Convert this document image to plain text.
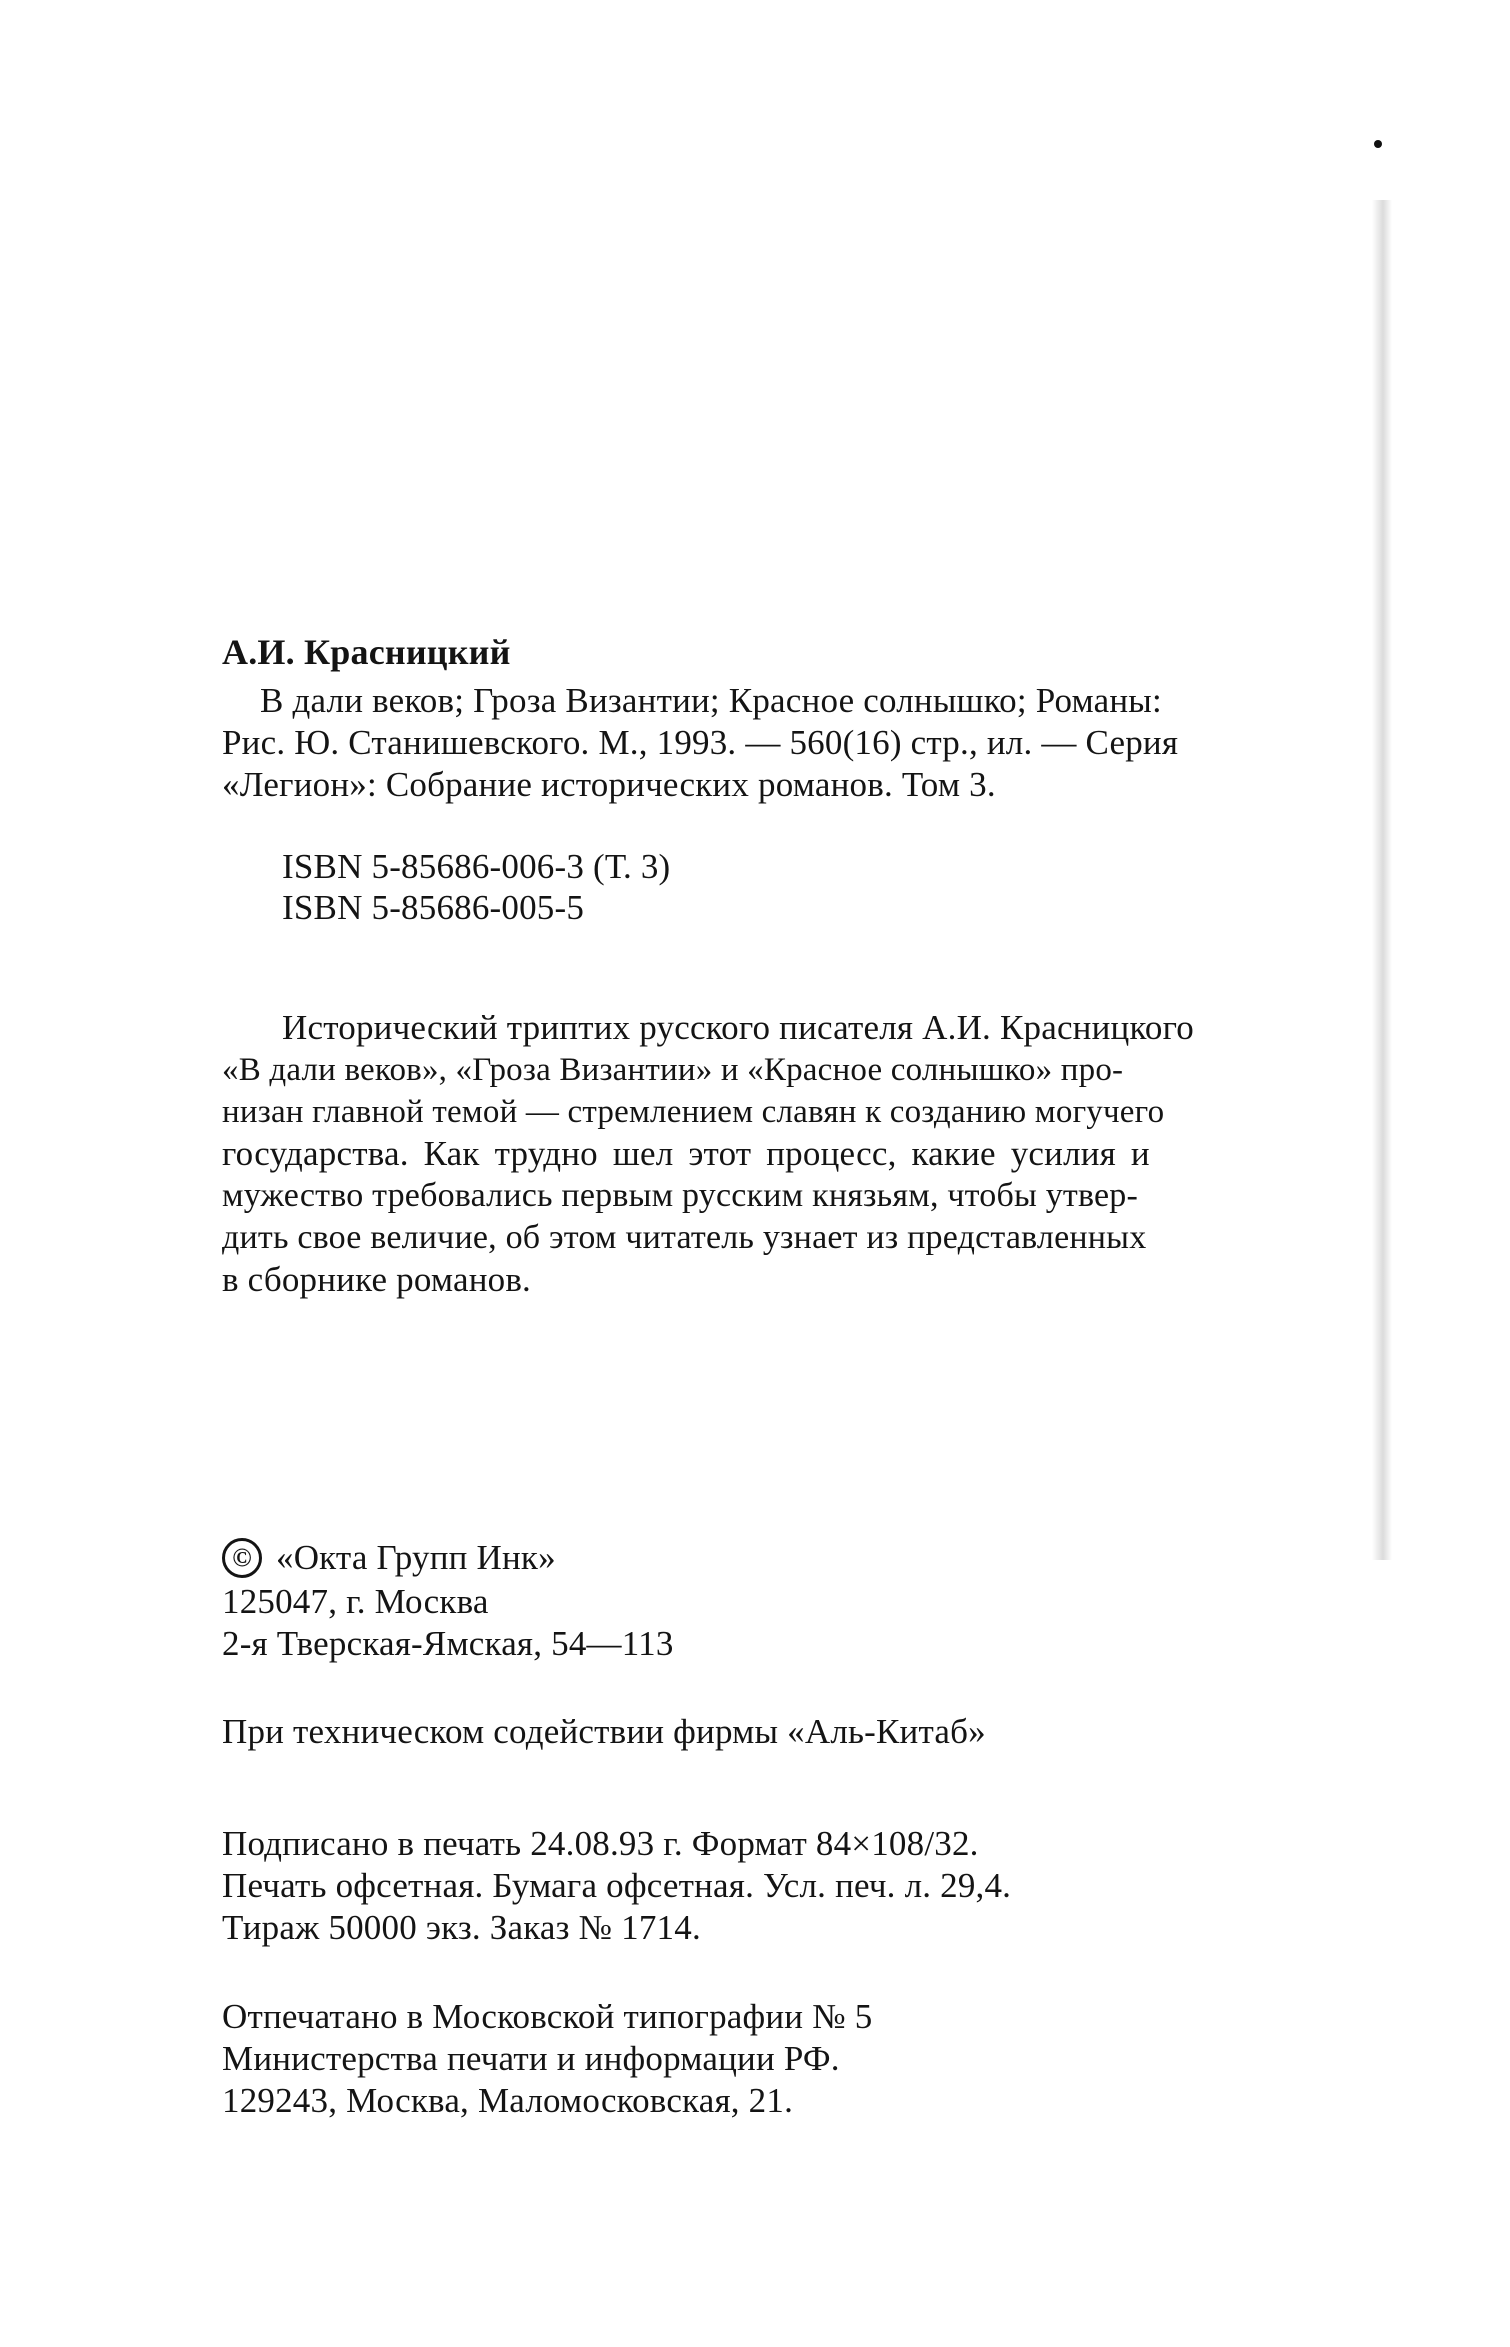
А.И. Красницкий
В дали веков; Гроза Византии; Красное солнышко; Романы:
Рис. Ю. Станишевского. М., 1993. — 560(16) стр., ил. — Серия
«Легион»: Собрание исторических романов. Том 3.
ISBN 5-85686-006-3 (Т. 3)
ISBN 5-85686-005-5
Исторический триптих русского писателя А.И. Красницкого
«В дали веков», «Гроза Византии» и «Красное солнышко» про-
низан главной темой — стремлением славян к созданию могучего
государства. Как трудно шел этот процесс, какие усилия и
мужество требовались первым русским князьям, чтобы утвер-
дить свое величие, об этом читатель узнает из представленных
в сборнике романов.
© «Окта Групп Инк»
125047, г. Москва
2-я Тверская-Ямская, 54—113
При техническом содействии фирмы «Аль-Китаб»
Подписано в печать 24.08.93 г. Формат 84×108/32.
Печать офсетная. Бумага офсетная. Усл. печ. л. 29,4.
Тираж 50000 экз. Заказ № 1714.
Отпечатано в Московской типографии № 5
Министерства печати и информации РФ.
129243, Москва, Маломосковская, 21.
